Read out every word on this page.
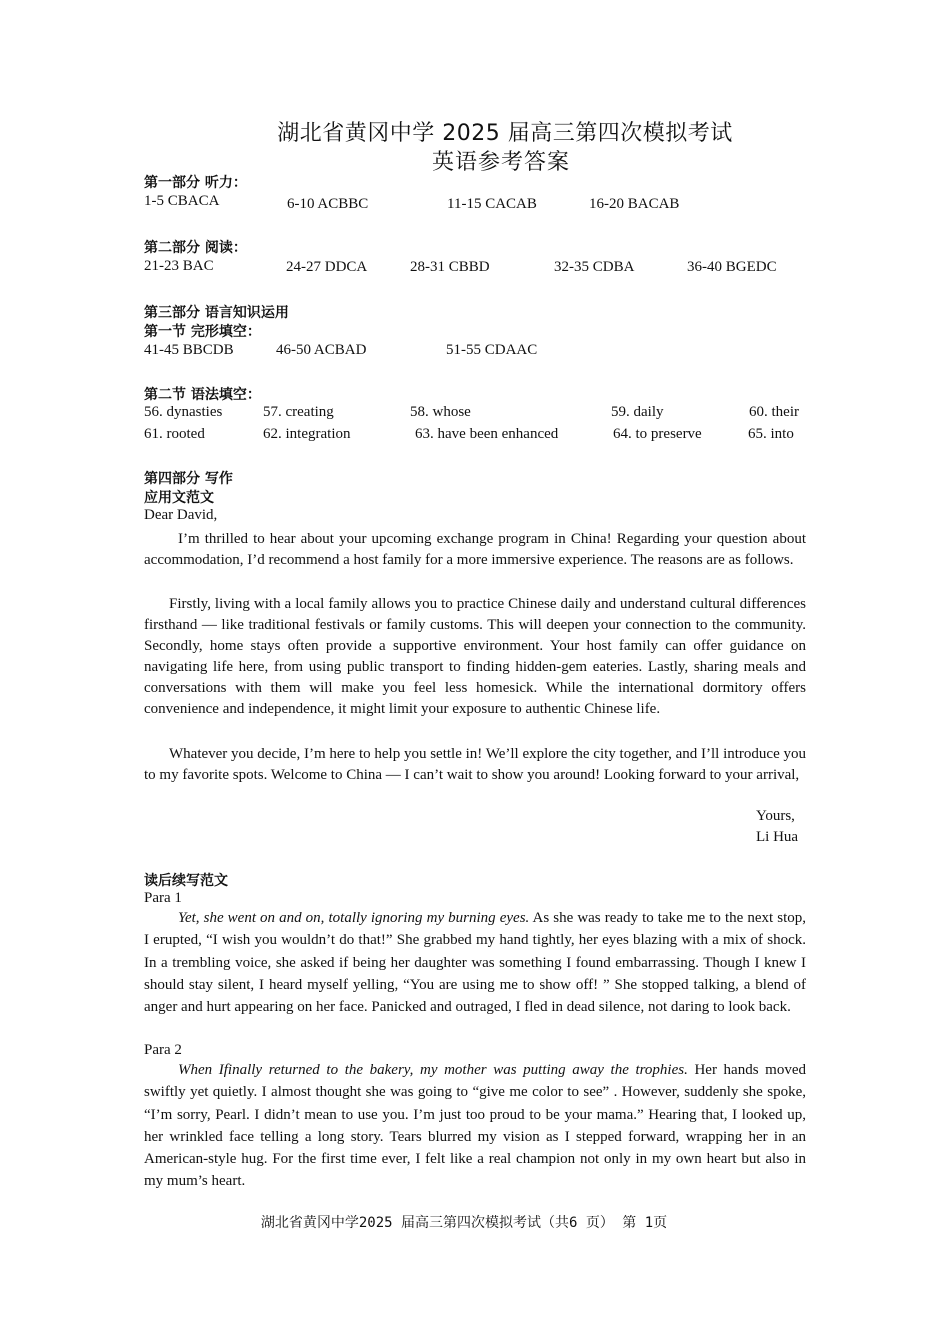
湖北省黄冈中学 2025 届高三第四次模拟考试
英语参考答案
第一部分 听力：
1-5 CBACA	6-10 ACBBC	11-15 CACAB	16-20 BACAB
第二部分 阅读：
21-23 BAC	24-27 DDCA	28-31 CBBD	32-35 CDBA	36-40 BGEDC
第三部分 语言知识运用
第一节 完形填空：
41-45 BBCDB	46-50 ACBAD	51-55 CDAAC
第二节 语法填空：
56. dynasties	57. creating	58. whose	59. daily	60. their
61. rooted	62. integration	63. have been enhanced	64. to preserve	65. into
第四部分 写作
应用文范文
Dear David,
I’m thrilled to hear about your upcoming exchange program in China! Regarding your question about accommodation, I’d recommend a host family for a more immersive experience. The reasons are as follows.
Firstly, living with a local family allows you to practice Chinese daily and understand cultural differences firsthand — like traditional festivals or family customs. This will deepen your connection to the community. Secondly, home stays often provide a supportive environment. Your host family can offer guidance on navigating life here, from using public transport to finding hidden-gem eateries. Lastly, sharing meals and conversations with them will make you feel less homesick. While the international dormitory offers convenience and independence, it might limit your exposure to authentic Chinese life.
Whatever you decide, I’m here to help you settle in! We’ll explore the city together, and I’ll introduce you to my favorite spots. Welcome to China — I can’t wait to show you around! Looking forward to your arrival,
Yours,
Li Hua
读后续写范文
Para 1
Yet, she went on and on, totally ignoring my burning eyes. As she was ready to take me to the next stop, I erupted, “I wish you wouldn’t do that!” She grabbed my hand tightly, her eyes blazing with a mix of shock. In a trembling voice, she asked if being her daughter was something I found embarrassing. Though I knew I should stay silent, I heard myself yelling, “You are using me to show off! ” She stopped talking, a blend of anger and hurt appearing on her face. Panicked and outraged, I fled in dead silence, not daring to look back.
Para 2
When Ifinally returned to the bakery, my mother was putting away the trophies. Her hands moved swiftly yet quietly. I almost thought she was going to “give me color to see” . However, suddenly she spoke, “I’m sorry, Pearl. I didn’t mean to use you. I’m just too proud to be your mama.” Hearing that, I looked up, her wrinkled face telling a long story. Tears blurred my vision as I stepped forward, wrapping her in an American-style hug. For the first time ever, I felt like a real champion not only in my own heart but also in my mum’s heart.
湖北省黄冈中学2025 届高三第四次模拟考试（共6 页） 第 1页
